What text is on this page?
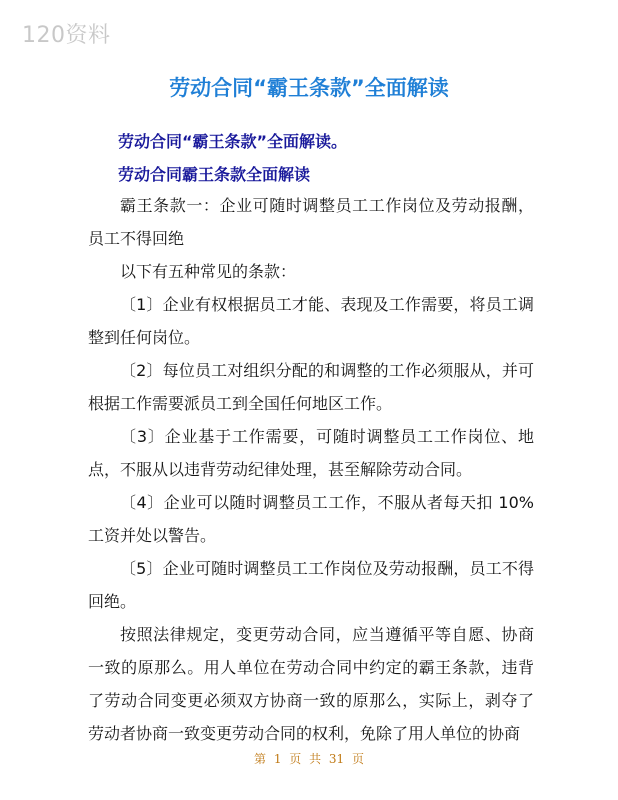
120资料
劳动合同“霸王条款”全面解读
劳动合同“霸王条款”全面解读。
劳动合同霸王条款全面解读

霸王条款一：企业可随时调整员工工作岗位及劳动报酬，员工不得回绝

以下有五种常见的条款：

〔1〕企业有权根据员工才能、表现及工作需要，将员工调整到任何岗位。

〔2〕每位员工对组织分配的和调整的工作必须服从，并可根据工作需要派员工到全国任何地区工作。

〔3〕企业基于工作需要，可随时调整员工工作岗位、地点，不服从以违背劳动纪律处理，甚至解除劳动合同。

〔4〕企业可以随时调整员工工作，不服从者每天扣 10%工资并处以警告。

〔5〕企业可随时调整员工工作岗位及劳动报酬，员工不得回绝。

按照法律规定，变更劳动合同，应当遵循平等自愿、协商一致的原那么。用人单位在劳动合同中约定的霸王条款，违背了劳动合同变更必须双方协商一致的原那么，实际上，剥夺了劳动者协商一致变更劳动合同的权利，免除了用人单位的协商

第 1 页 共 31 页
